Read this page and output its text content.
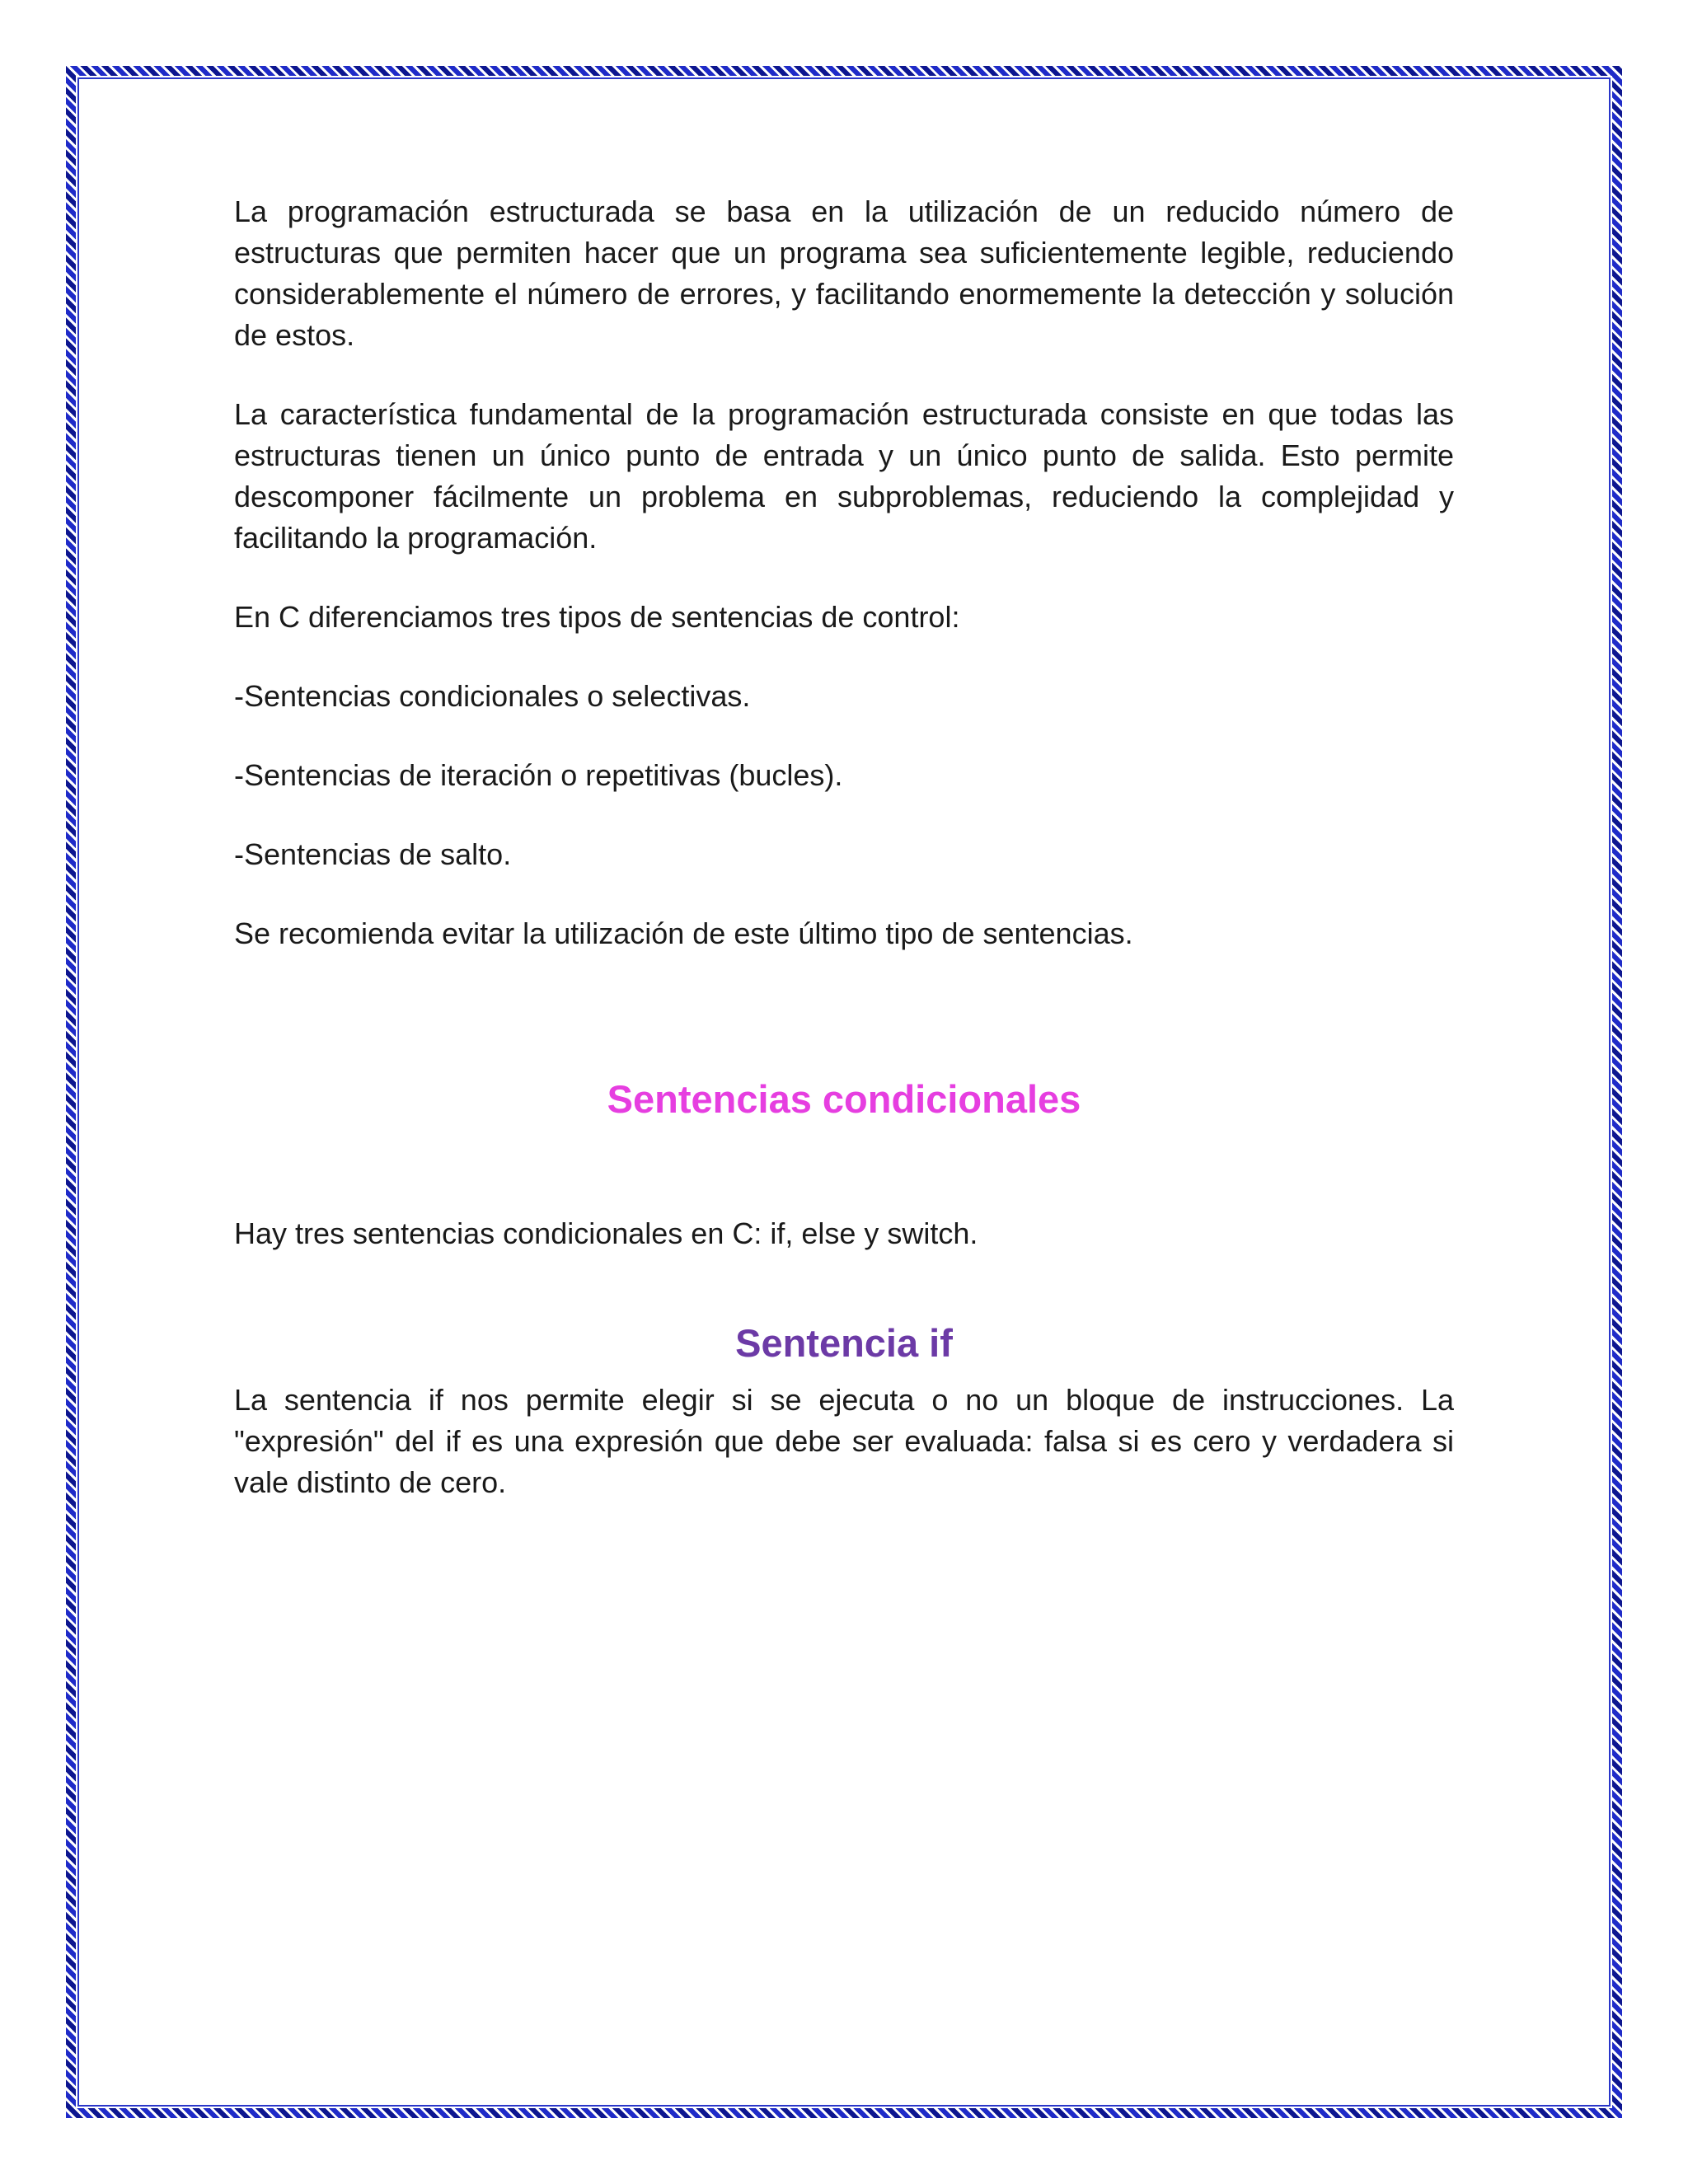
La programación estructurada se basa en la utilización de un reducido número de estructuras que permiten hacer que un programa sea suficientemente legible, reduciendo considerablemente el número de errores, y facilitando enormemente la detección y solución de estos.

La característica fundamental de la programación estructurada consiste en que todas las estructuras tienen un único punto de entrada y un único punto de salida. Esto permite descomponer fácilmente un problema en subproblemas, reduciendo la complejidad y facilitando la programación.

En C diferenciamos tres tipos de sentencias de control:

-Sentencias condicionales o selectivas.

-Sentencias de iteración o repetitivas (bucles).

-Sentencias de salto.

Se recomienda evitar la utilización de este último tipo de sentencias.

Sentencias condicionales

Hay tres sentencias condicionales en C: if, else y switch.

Sentencia if

La sentencia if nos permite elegir si se ejecuta o no un bloque de instrucciones. La "expresión" del if es una expresión que debe ser evaluada: falsa si es cero y verdadera si vale distinto de cero.
